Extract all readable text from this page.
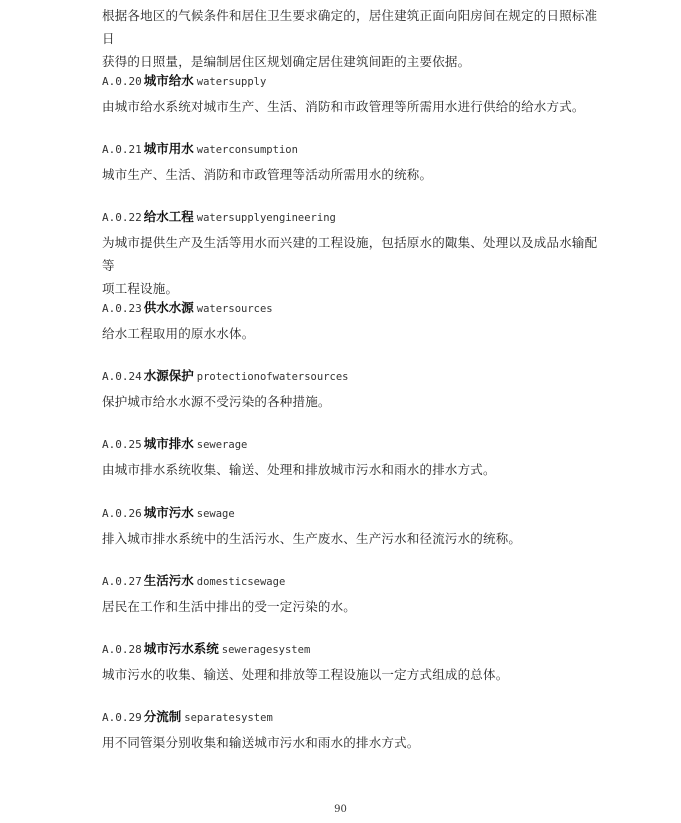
根据各地区的气候条件和居住卫生要求确定的，居住建筑正面向阳房间在规定的日照标准日

获得的日照量，是编制居住区规划确定居住建筑间距的主要依据。

A.0.20 城市给水 watersupply

由城市给水系统对城市生产、生活、消防和市政管理等所需用水进行供给的给水方式。

A.0.21 城市用水 waterconsumption

城市生产、生活、消防和市政管理等活动所需用水的统称。

A.0.22 给水工程 watersupplyengineering

为城市提供生产及生活等用水而兴建的工程设施，包括原水的陬集、处理以及成品水输配等

项工程设施。

A.0.23 供水水源 watersources

给水工程取用的原水水体。

A.0.24 水源保护 protectionofwatersources

保护城市给水水源不受污染的各种措施。

A.0.25 城市排水 sewerage

由城市排水系统收集、输送、处理和排放城市污水和雨水的排水方式。

A.0.26 城市污水 sewage

排入城市排水系统中的生活污水、生产废水、生产污水和径流污水的统称。

A.0.27 生活污水 domesticsewage

居民在工作和生活中排出的受一定污染的水。

A.0.28 城市污水系统 seweragesystem

城市污水的收集、输送、处理和排放等工程设施以一定方式组成的总体。

A.0.29 分流制 separatesystem

用不同管渠分别收集和输送城市污水和雨水的排水方式。

90
